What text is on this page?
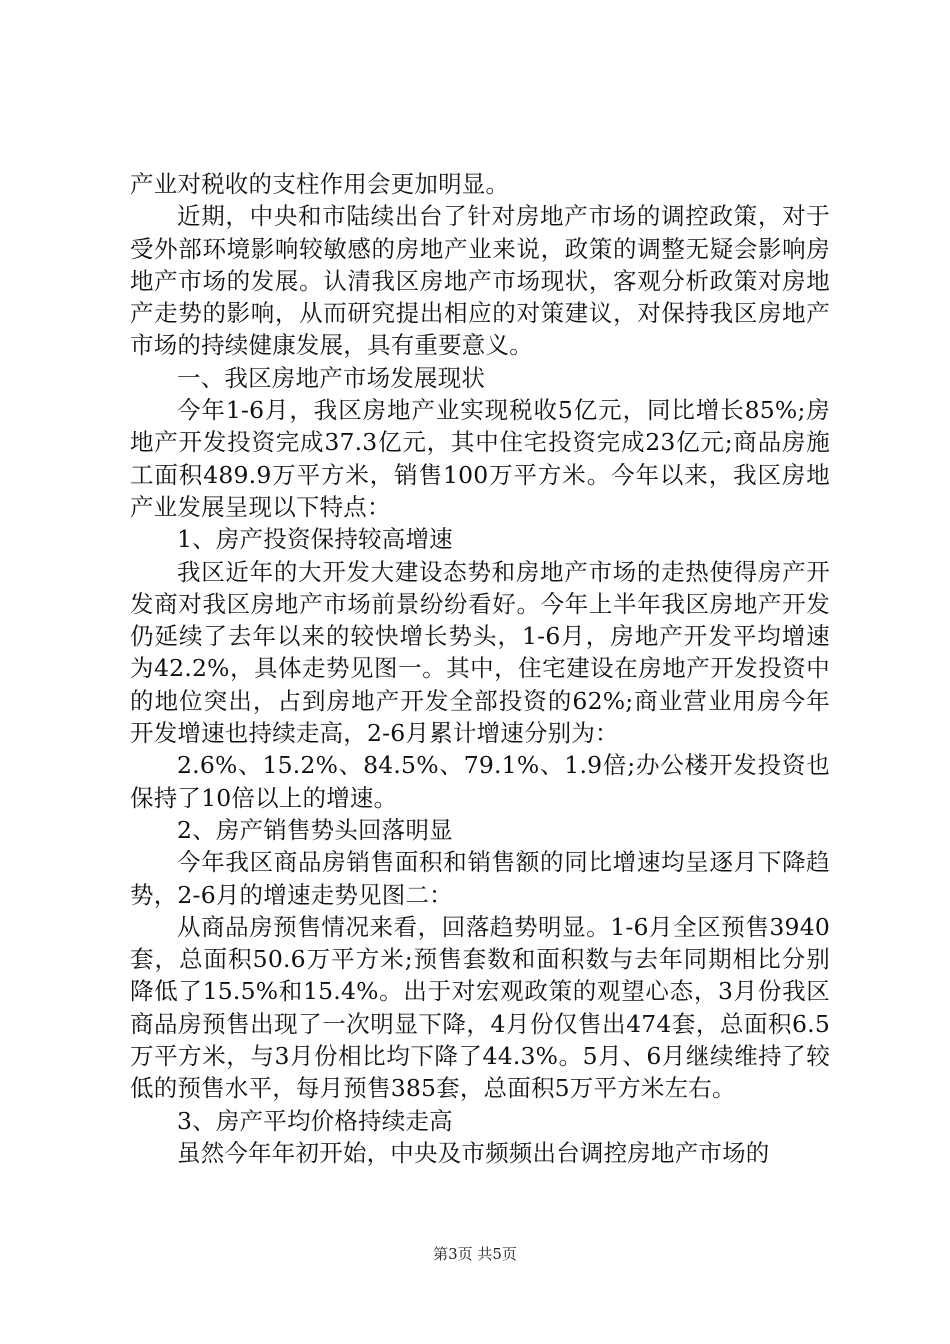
产业对税收的支柱作用会更加明显。

近期，中央和市陆续出台了针对房地产市场的调控政策，对于受外部环境影响较敏感的房地产业来说，政策的调整无疑会影响房地产市场的发展。认清我区房地产市场现状，客观分析政策对房地产走势的影响，从而研究提出相应的对策建议，对保持我区房地产市场的持续健康发展，具有重要意义。

一、我区房地产市场发展现状

今年1-6月，我区房地产业实现税收5亿元，同比增长85%;房地产开发投资完成37.3亿元，其中住宅投资完成23亿元;商品房施工面积489.9万平方米，销售100万平方米。今年以来，我区房地产业发展呈现以下特点：

1、房产投资保持较高增速

我区近年的大开发大建设态势和房地产市场的走热使得房产开发商对我区房地产市场前景纷纷看好。今年上半年我区房地产开发仍延续了去年以来的较快增长势头，1-6月，房地产开发平均增速为42.2%，具体走势见图一。其中，住宅建设在房地产开发投资中的地位突出，占到房地产开发全部投资的62%;商业营业用房今年开发增速也持续走高，2-6月累计增速分别为：

2.6%、15.2%、84.5%、79.1%、1.9倍;办公楼开发投资也保持了10倍以上的增速。

2、房产销售势头回落明显

今年我区商品房销售面积和销售额的同比增速均呈逐月下降趋势，2-6月的增速走势见图二：

从商品房预售情况来看，回落趋势明显。1-6月全区预售3940套，总面积50.6万平方米;预售套数和面积数与去年同期相比分别降低了15.5%和15.4%。出于对宏观政策的观望心态，3月份我区商品房预售出现了一次明显下降，4月份仅售出474套，总面积6.5万平方米，与3月份相比均下降了44.3%。5月、6月继续维持了较低的预售水平，每月预售385套，总面积5万平方米左右。

3、房产平均价格持续走高

虽然今年年初开始，中央及市频频出台调控房地产市场的

第3页 共5页
